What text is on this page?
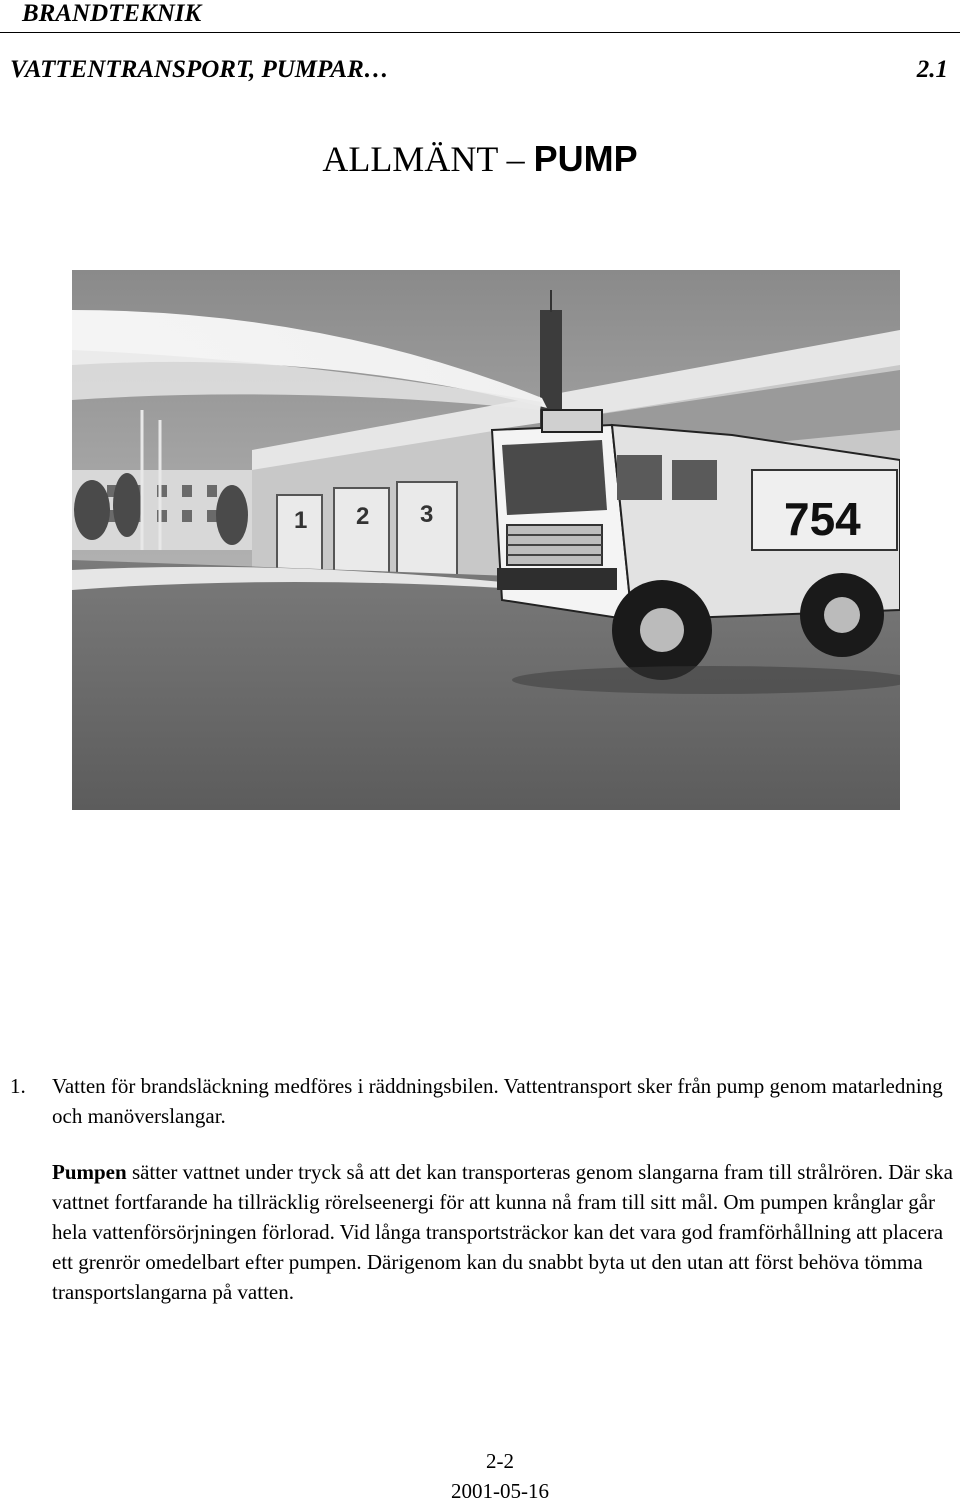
BRANDTEKNIK
VATTENTRANSPORT, PUMPAR…	2.1
ALLMÄNT – PUMP
1 2 3	754
1.	Vatten för brandsläckning medföres i räddningsbilen. Vattentransport sker från pump genom matarledning och manöverslangar.
Pumpen sätter vattnet under tryck så att det kan transporteras genom slangarna fram till strålrören. Där ska vattnet fortfarande ha tillräcklig rörelseenergi för att kunna nå fram till sitt mål. Om pumpen krånglar går hela vattenförsörjningen förlorad. Vid långa transportsträckor kan det vara god framförhållning att placera ett grenrör omedelbart efter pumpen. Därigenom kan du snabbt byta ut den utan att först behöva tömma transportslangarna på vatten.
2-2
2001-05-16
